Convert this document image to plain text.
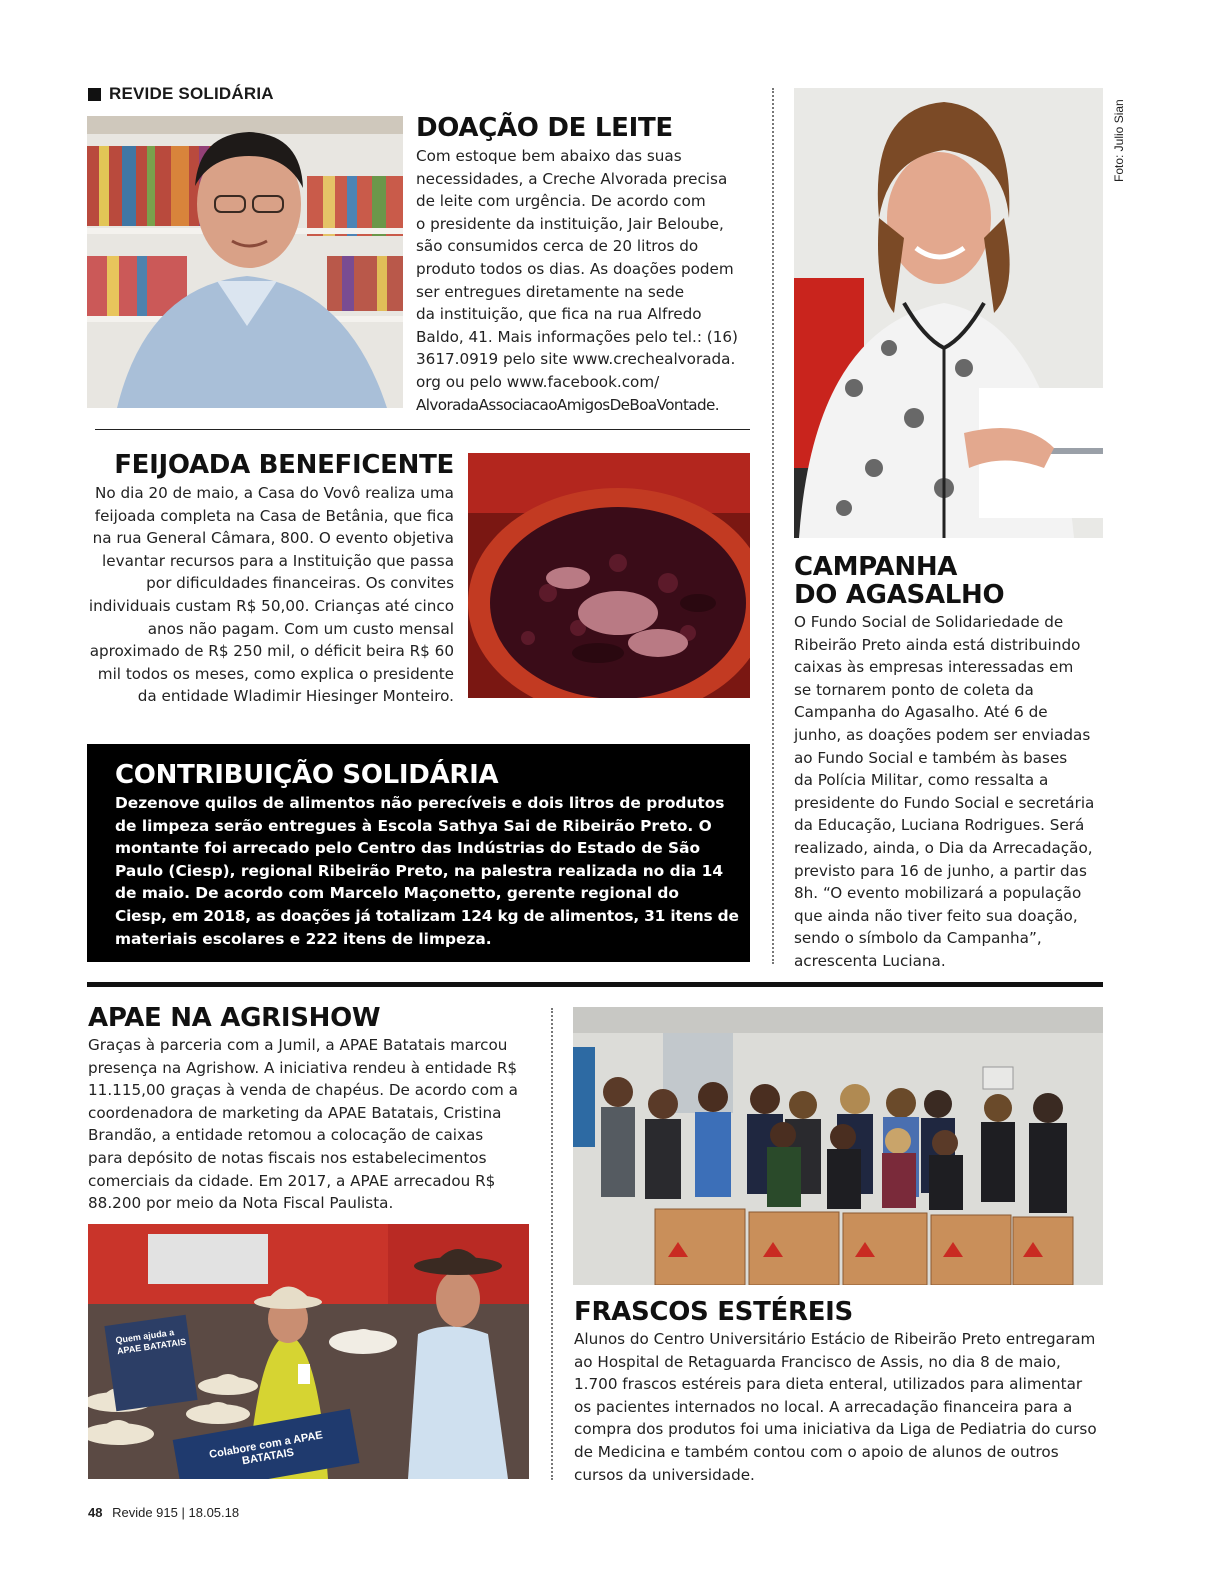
REVIDE SOLIDÁRIA
DOAÇÃO DE LEITE
Com estoque bem abaixo das suas
necessidades, a Creche Alvorada precisa
de leite com urgência. De acordo com
o presidente da instituição, Jair Beloube,
são consumidos cerca de 20 litros do
produto todos os dias. As doações podem
ser entregues diretamente na sede
da instituição, que fica na rua Alfredo
Baldo, 41. Mais informações pelo tel.: (16)
3617.0919 pelo site www.crechealvorada.
org ou pelo www.facebook.com/
AlvoradaAssociacaoAmigosDeBoaVontade.
FEIJOADA BENEFICENTE
No dia 20 de maio, a Casa do Vovô realiza uma
feijoada completa na Casa de Betânia, que fica
na rua General Câmara, 800. O evento objetiva
levantar recursos para a Instituição que passa
por dificuldades financeiras. Os convites
individuais custam R$ 50,00. Crianças até cinco
anos não pagam. Com um custo mensal
aproximado de R$ 250 mil, o déficit beira R$ 60
mil todos os meses, como explica o presidente
da entidade Wladimir Hiesinger Monteiro.
CONTRIBUIÇÃO SOLIDÁRIA
Dezenove quilos de alimentos não perecíveis e dois litros de produtos
de limpeza serão entregues à Escola Sathya Sai de Ribeirão Preto. O
montante foi arrecado pelo Centro das Indústrias do Estado de São
Paulo (Ciesp), regional Ribeirão Preto, na palestra realizada no dia 14
de maio. De acordo com Marcelo Maçonetto, gerente regional do
Ciesp, em 2018, as doações já totalizam 124 kg de alimentos, 31 itens de
materiais escolares e 222 itens de limpeza.
Foto: Julio Sian
CAMPANHA
DO AGASALHO
O Fundo Social de Solidariedade de
Ribeirão Preto ainda está distribuindo
caixas às empresas interessadas em
se tornarem ponto de coleta da
Campanha do Agasalho. Até 6 de
junho, as doações podem ser enviadas
ao Fundo Social e também às bases
da Polícia Militar, como ressalta a
presidente do Fundo Social e secretária
da Educação, Luciana Rodrigues. Será
realizado, ainda, o Dia da Arrecadação,
previsto para 16 de junho, a partir das
8h. “O evento mobilizará a população
que ainda não tiver feito sua doação,
sendo o símbolo da Campanha”,
acrescenta Luciana.
APAE NA AGRISHOW
Graças à parceria com a Jumil, a APAE Batatais marcou
presença na Agrishow. A iniciativa rendeu à entidade R$
11.115,00 graças à venda de chapéus. De acordo com a
coordenadora de marketing da APAE Batatais, Cristina
Brandão, a entidade retomou a colocação de caixas
para depósito de notas fiscais nos estabelecimentos
comerciais da cidade. Em 2017, a APAE arrecadou R$
88.200 por meio da Nota Fiscal Paulista.
Quem ajuda a APAE BATATAIS
Colabore com a APAE BATATAIS
FRASCOS ESTÉREIS
Alunos do Centro Universitário Estácio de Ribeirão Preto entregaram
ao Hospital de Retaguarda Francisco de Assis, no dia 8 de maio,
1.700 frascos estéreis para dieta enteral, utilizados para alimentar
os pacientes internados no local. A arrecadação financeira para a
compra dos produtos foi uma iniciativa da Liga de Pediatria do curso
de Medicina e também contou com o apoio de alunos de outros
cursos da universidade.
48 Revide 915 | 18.05.18
